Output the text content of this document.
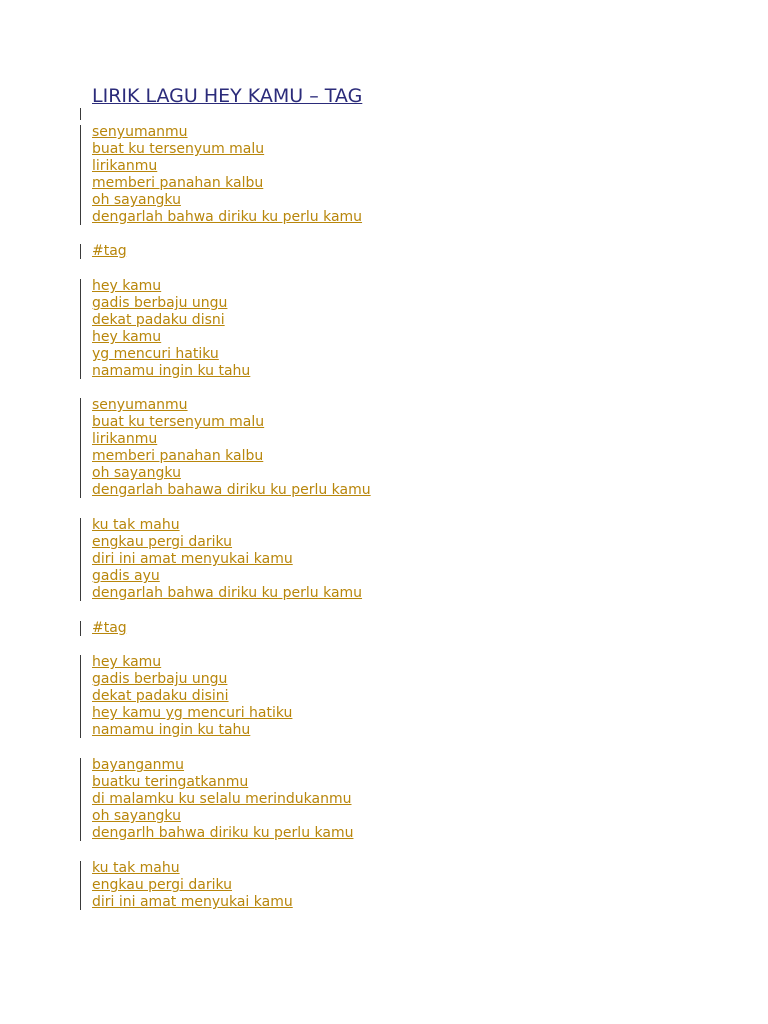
LIRIK LAGU HEY KAMU – TAG
senyumanmu
buat ku tersenyum malu
lirikanmu
memberi panahan kalbu
oh sayangku
dengarlah bahwa diriku ku perlu kamu
#tag
hey kamu
gadis berbaju ungu
dekat padaku disni
hey kamu
yg mencuri hatiku
namamu ingin ku tahu
senyumanmu
buat ku tersenyum malu
lirikanmu
memberi panahan kalbu
oh sayangku
dengarlah bahawa diriku ku perlu kamu
ku tak mahu
engkau pergi dariku
diri ini amat menyukai kamu
gadis ayu
dengarlah bahwa diriku ku perlu kamu
#tag
hey kamu
gadis berbaju ungu
dekat padaku disini
hey kamu yg mencuri hatiku
namamu ingin ku tahu
bayanganmu
buatku teringatkanmu
di malamku ku selalu merindukanmu
oh sayangku
dengarlh bahwa diriku ku perlu kamu
ku tak mahu
engkau pergi dariku
diri ini amat menyukai kamu
